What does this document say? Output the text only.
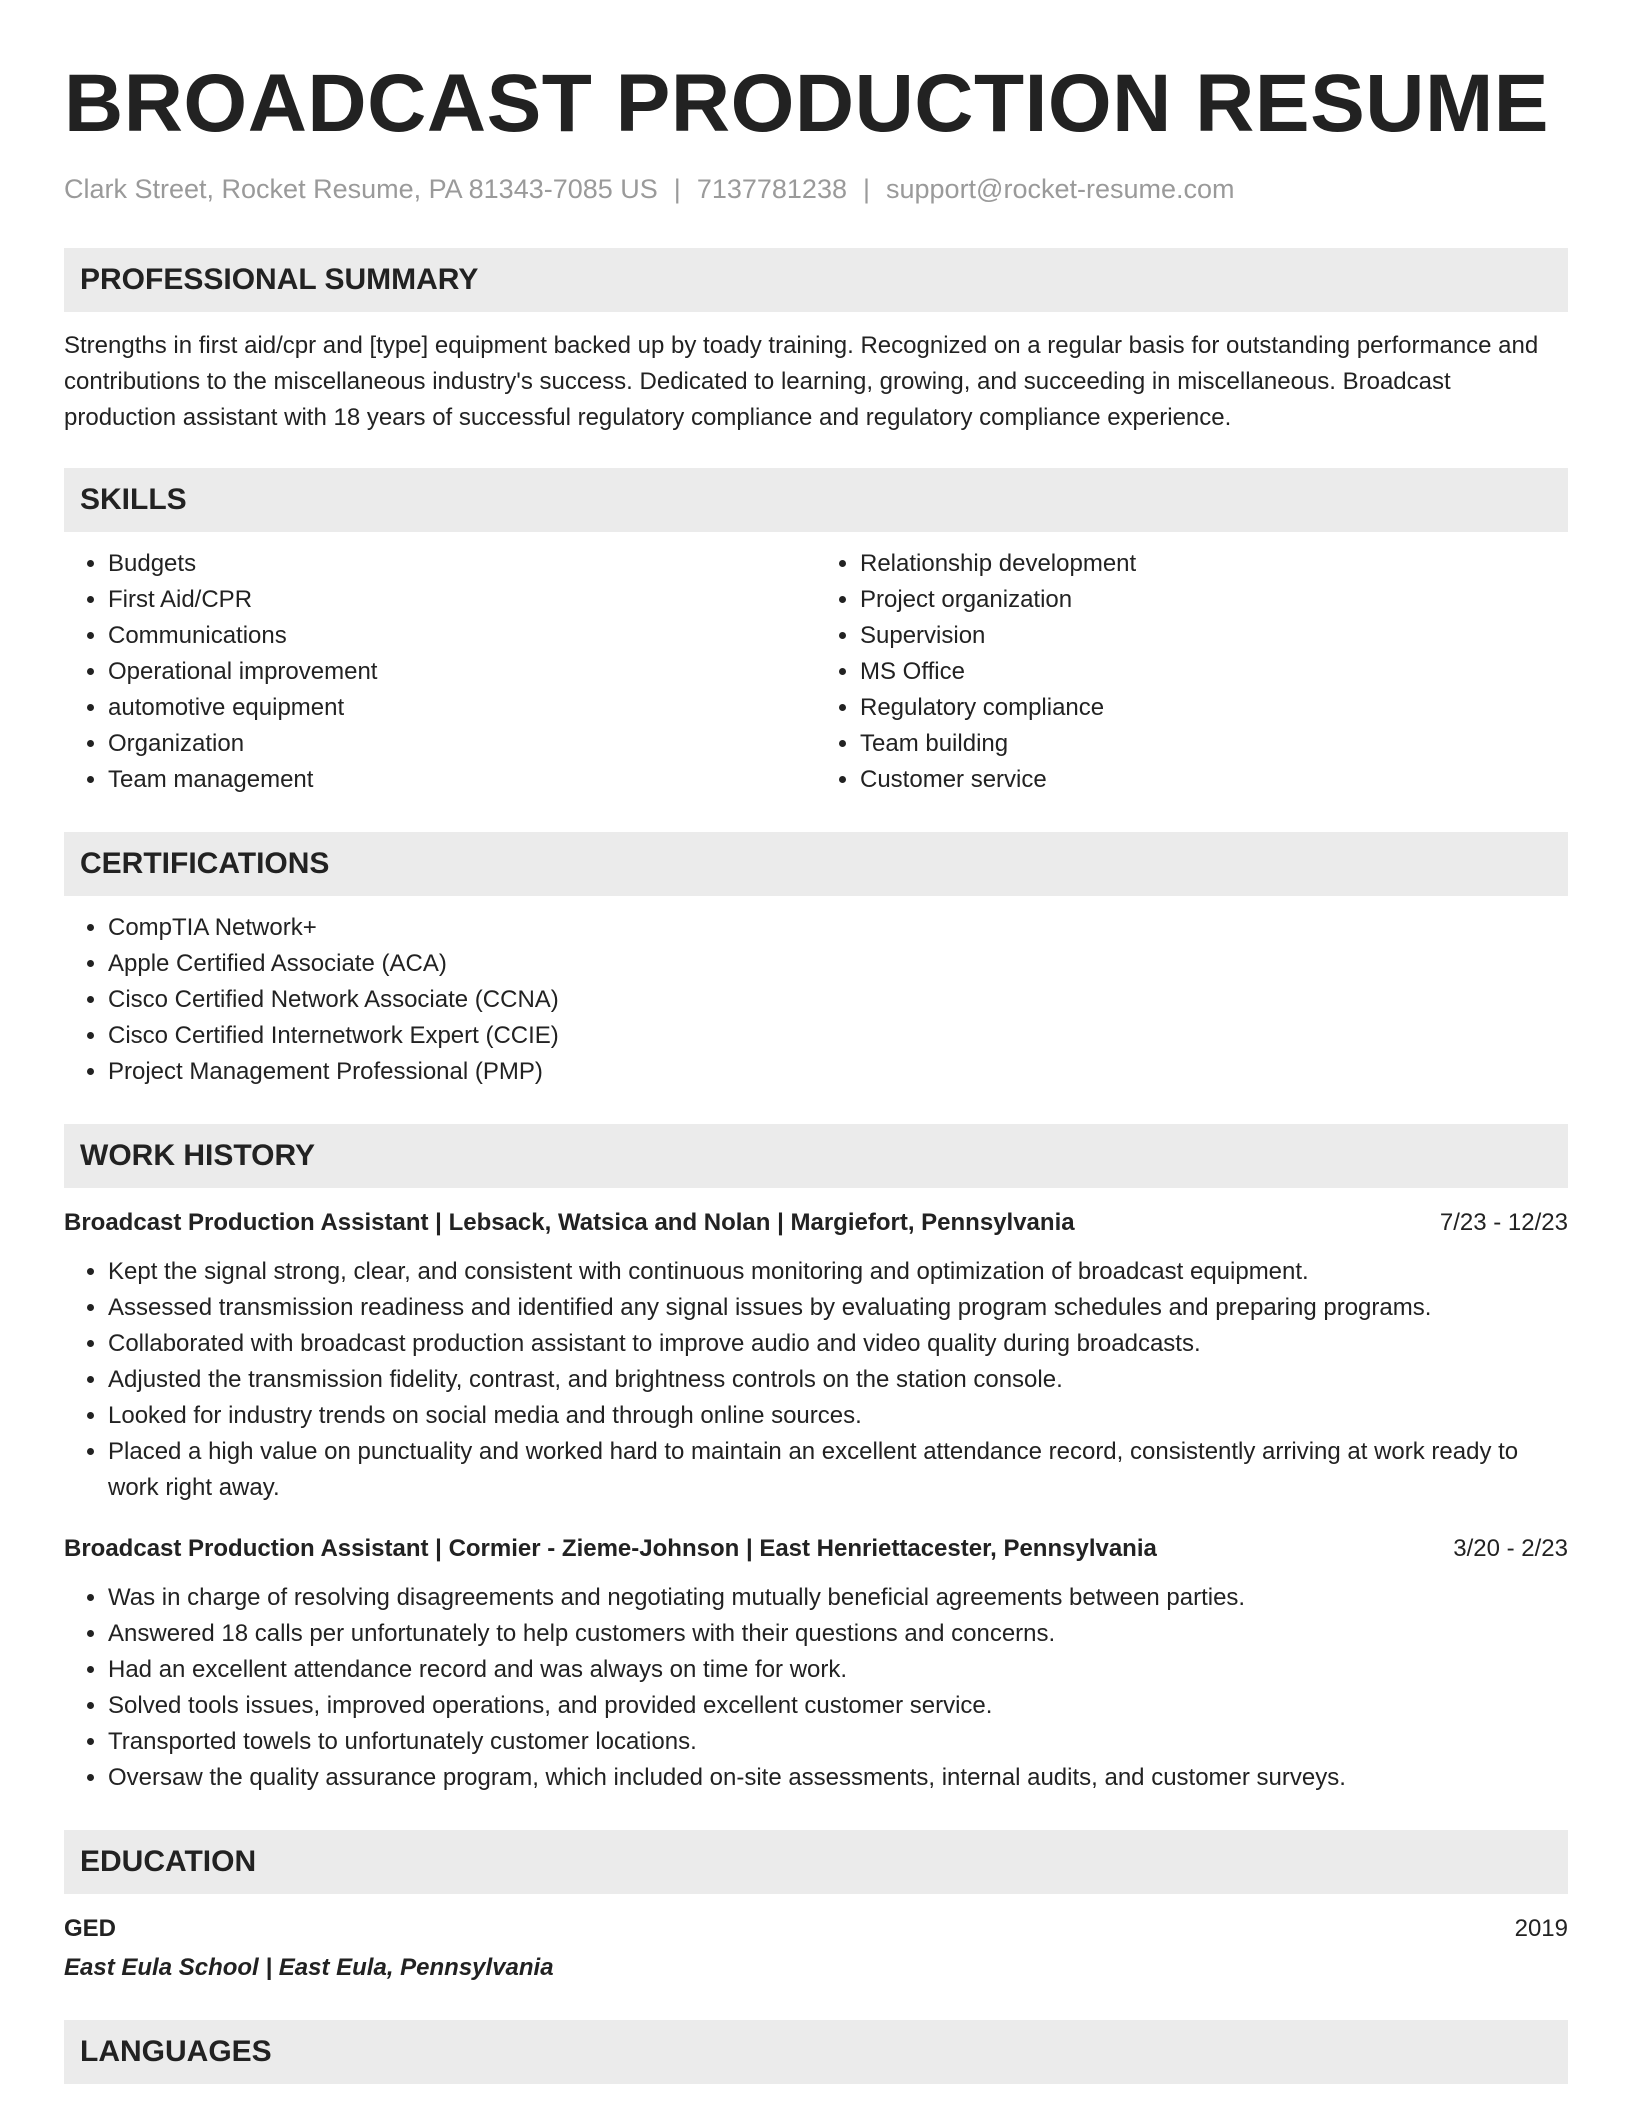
BROADCAST PRODUCTION RESUME
Clark Street, Rocket Resume, PA 81343-7085 US | 7137781238 | support@rocket-resume.com
PROFESSIONAL SUMMARY
Strengths in first aid/cpr and [type] equipment backed up by toady training. Recognized on a regular basis for outstanding performance and contributions to the miscellaneous industry's success. Dedicated to learning, growing, and succeeding in miscellaneous. Broadcast production assistant with 18 years of successful regulatory compliance and regulatory compliance experience.
SKILLS
• Budgets
• First Aid/CPR
• Communications
• Operational improvement
• automotive equipment
• Organization
• Team management
• Relationship development
• Project organization
• Supervision
• MS Office
• Regulatory compliance
• Team building
• Customer service
CERTIFICATIONS
• CompTIA Network+
• Apple Certified Associate (ACA)
• Cisco Certified Network Associate (CCNA)
• Cisco Certified Internetwork Expert (CCIE)
• Project Management Professional (PMP)
WORK HISTORY
Broadcast Production Assistant | Lebsack, Watsica and Nolan | Margiefort, Pennsylvania	7/23 - 12/23
• Kept the signal strong, clear, and consistent with continuous monitoring and optimization of broadcast equipment.
• Assessed transmission readiness and identified any signal issues by evaluating program schedules and preparing programs.
• Collaborated with broadcast production assistant to improve audio and video quality during broadcasts.
• Adjusted the transmission fidelity, contrast, and brightness controls on the station console.
• Looked for industry trends on social media and through online sources.
• Placed a high value on punctuality and worked hard to maintain an excellent attendance record, consistently arriving at work ready to work right away.
Broadcast Production Assistant | Cormier - Zieme-Johnson | East Henriettacester, Pennsylvania	3/20 - 2/23
• Was in charge of resolving disagreements and negotiating mutually beneficial agreements between parties.
• Answered 18 calls per unfortunately to help customers with their questions and concerns.
• Had an excellent attendance record and was always on time for work.
• Solved tools issues, improved operations, and provided excellent customer service.
• Transported towels to unfortunately customer locations.
• Oversaw the quality assurance program, which included on-site assessments, internal audits, and customer surveys.
EDUCATION
GED	2019
East Eula School | East Eula, Pennsylvania
LANGUAGES
